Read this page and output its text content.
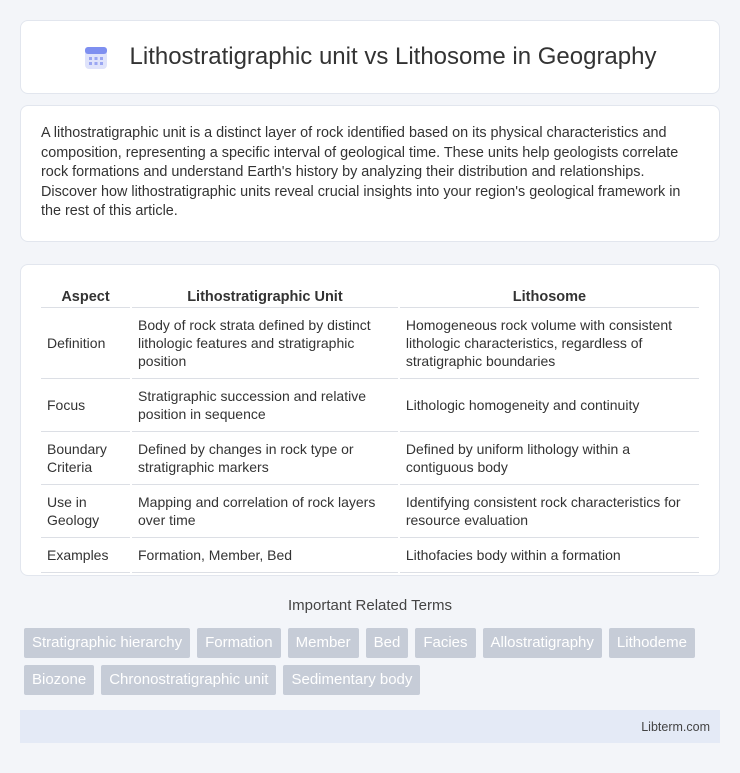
Lithostratigraphic unit vs Lithosome in Geography

A lithostratigraphic unit is a distinct layer of rock identified based on its physical characteristics and composition, representing a specific interval of geological time. These units help geologists correlate rock formations and understand Earth's history by analyzing their distribution and relationships. Discover how lithostratigraphic units reveal crucial insights into your region's geological framework in the rest of this article.

Aspect	Lithostratigraphic Unit	Lithosome
Definition	Body of rock strata defined by distinct lithologic features and stratigraphic position	Homogeneous rock volume with consistent lithologic characteristics, regardless of stratigraphic boundaries
Focus	Stratigraphic succession and relative position in sequence	Lithologic homogeneity and continuity
Boundary Criteria	Defined by changes in rock type or stratigraphic markers	Defined by uniform lithology within a contiguous body
Use in Geology	Mapping and correlation of rock layers over time	Identifying consistent rock characteristics for resource evaluation
Examples	Formation, Member, Bed	Lithofacies body within a formation
Important Related Terms
Stratigraphic hierarchy	Formation	Member	Bed	Facies	Allostratigraphy	Lithodeme
Biozone	Chronostratigraphic unit	Sedimentary body
Libterm.com
